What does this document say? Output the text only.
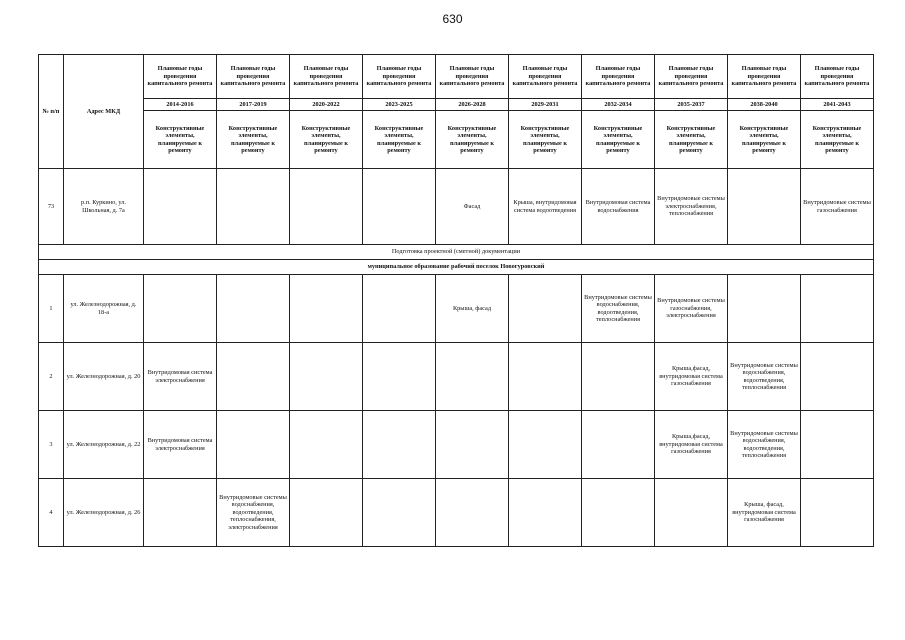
630
№ п/п	Адрес МКД	Плановые годы проведения капитального ремонта	Плановые годы проведения капитального ремонта	Плановые годы проведения капитального ремонта	Плановые годы проведения капитального ремонта	Плановые годы проведения капитального ремонта	Плановые годы проведения капитального ремонта	Плановые годы проведения капитального ремонта	Плановые годы проведения капитального ремонта	Плановые годы проведения капитального ремонта	Плановые годы проведения капитального ремонта
		2014-2016	2017-2019	2020-2022	2023-2025	2026-2028	2029-2031	2032-2034	2035-2037	2038-2040	2041-2043
		Конструктивные элементы, планируемые к ремонту	Конструктивные элементы, планируемые к ремонту	Конструктивные элементы, планируемые к ремонту	Конструктивные элементы, планируемые к ремонту	Конструктивные элементы, планируемые к ремонту	Конструктивные элементы, планируемые к ремонту	Конструктивные элементы, планируемые к ремонту	Конструктивные элементы, планируемые к ремонту	Конструктивные элементы, планируемые к ремонту	Конструктивные элементы, планируемые к ремонту
73	р.п. Куркино, ул. Школьная, д. 7а					Фасад	Крыша, внутридомовая система водоотведения	Внутридомовая система водоснабжения	Внутридомовые системы электроснабжения, теплоснабжения		Внутридомовые системы газоснабжения
Подготовка проектной (сметной) документации											
муниципальное образование рабочий поселок Новогуровский											
1	ул. Железнодорожная, д. 18-а					Крыша, фасад		Внутридомовые системы водоснабжения, водоотведения, теплоснабжения	Внутридомовые системы газоснабжения, электроснабжения		
2	ул. Железнодорожная, д. 20	Внутридомовая система электроснабжения							Крыша,фасад, внутридомовая система газоснабжения	Внутридомовые системы водоснабжения, водоотведения, теплоснабжения	
3	ул. Железнодорожная, д. 22	Внутридомовая система электроснабжения							Крыша,фасад, внутридомовая система газоснабжения	Внутридомовые системы водоснабжения, водоотведения, теплоснабжения	
4	ул. Железнодорожная, д. 26		Внутридомовые системы водоснабжения, водоотведения, теплоснабжения, электроснабжения							Крыша, фасад, внутридомовая система газоснабжения	
